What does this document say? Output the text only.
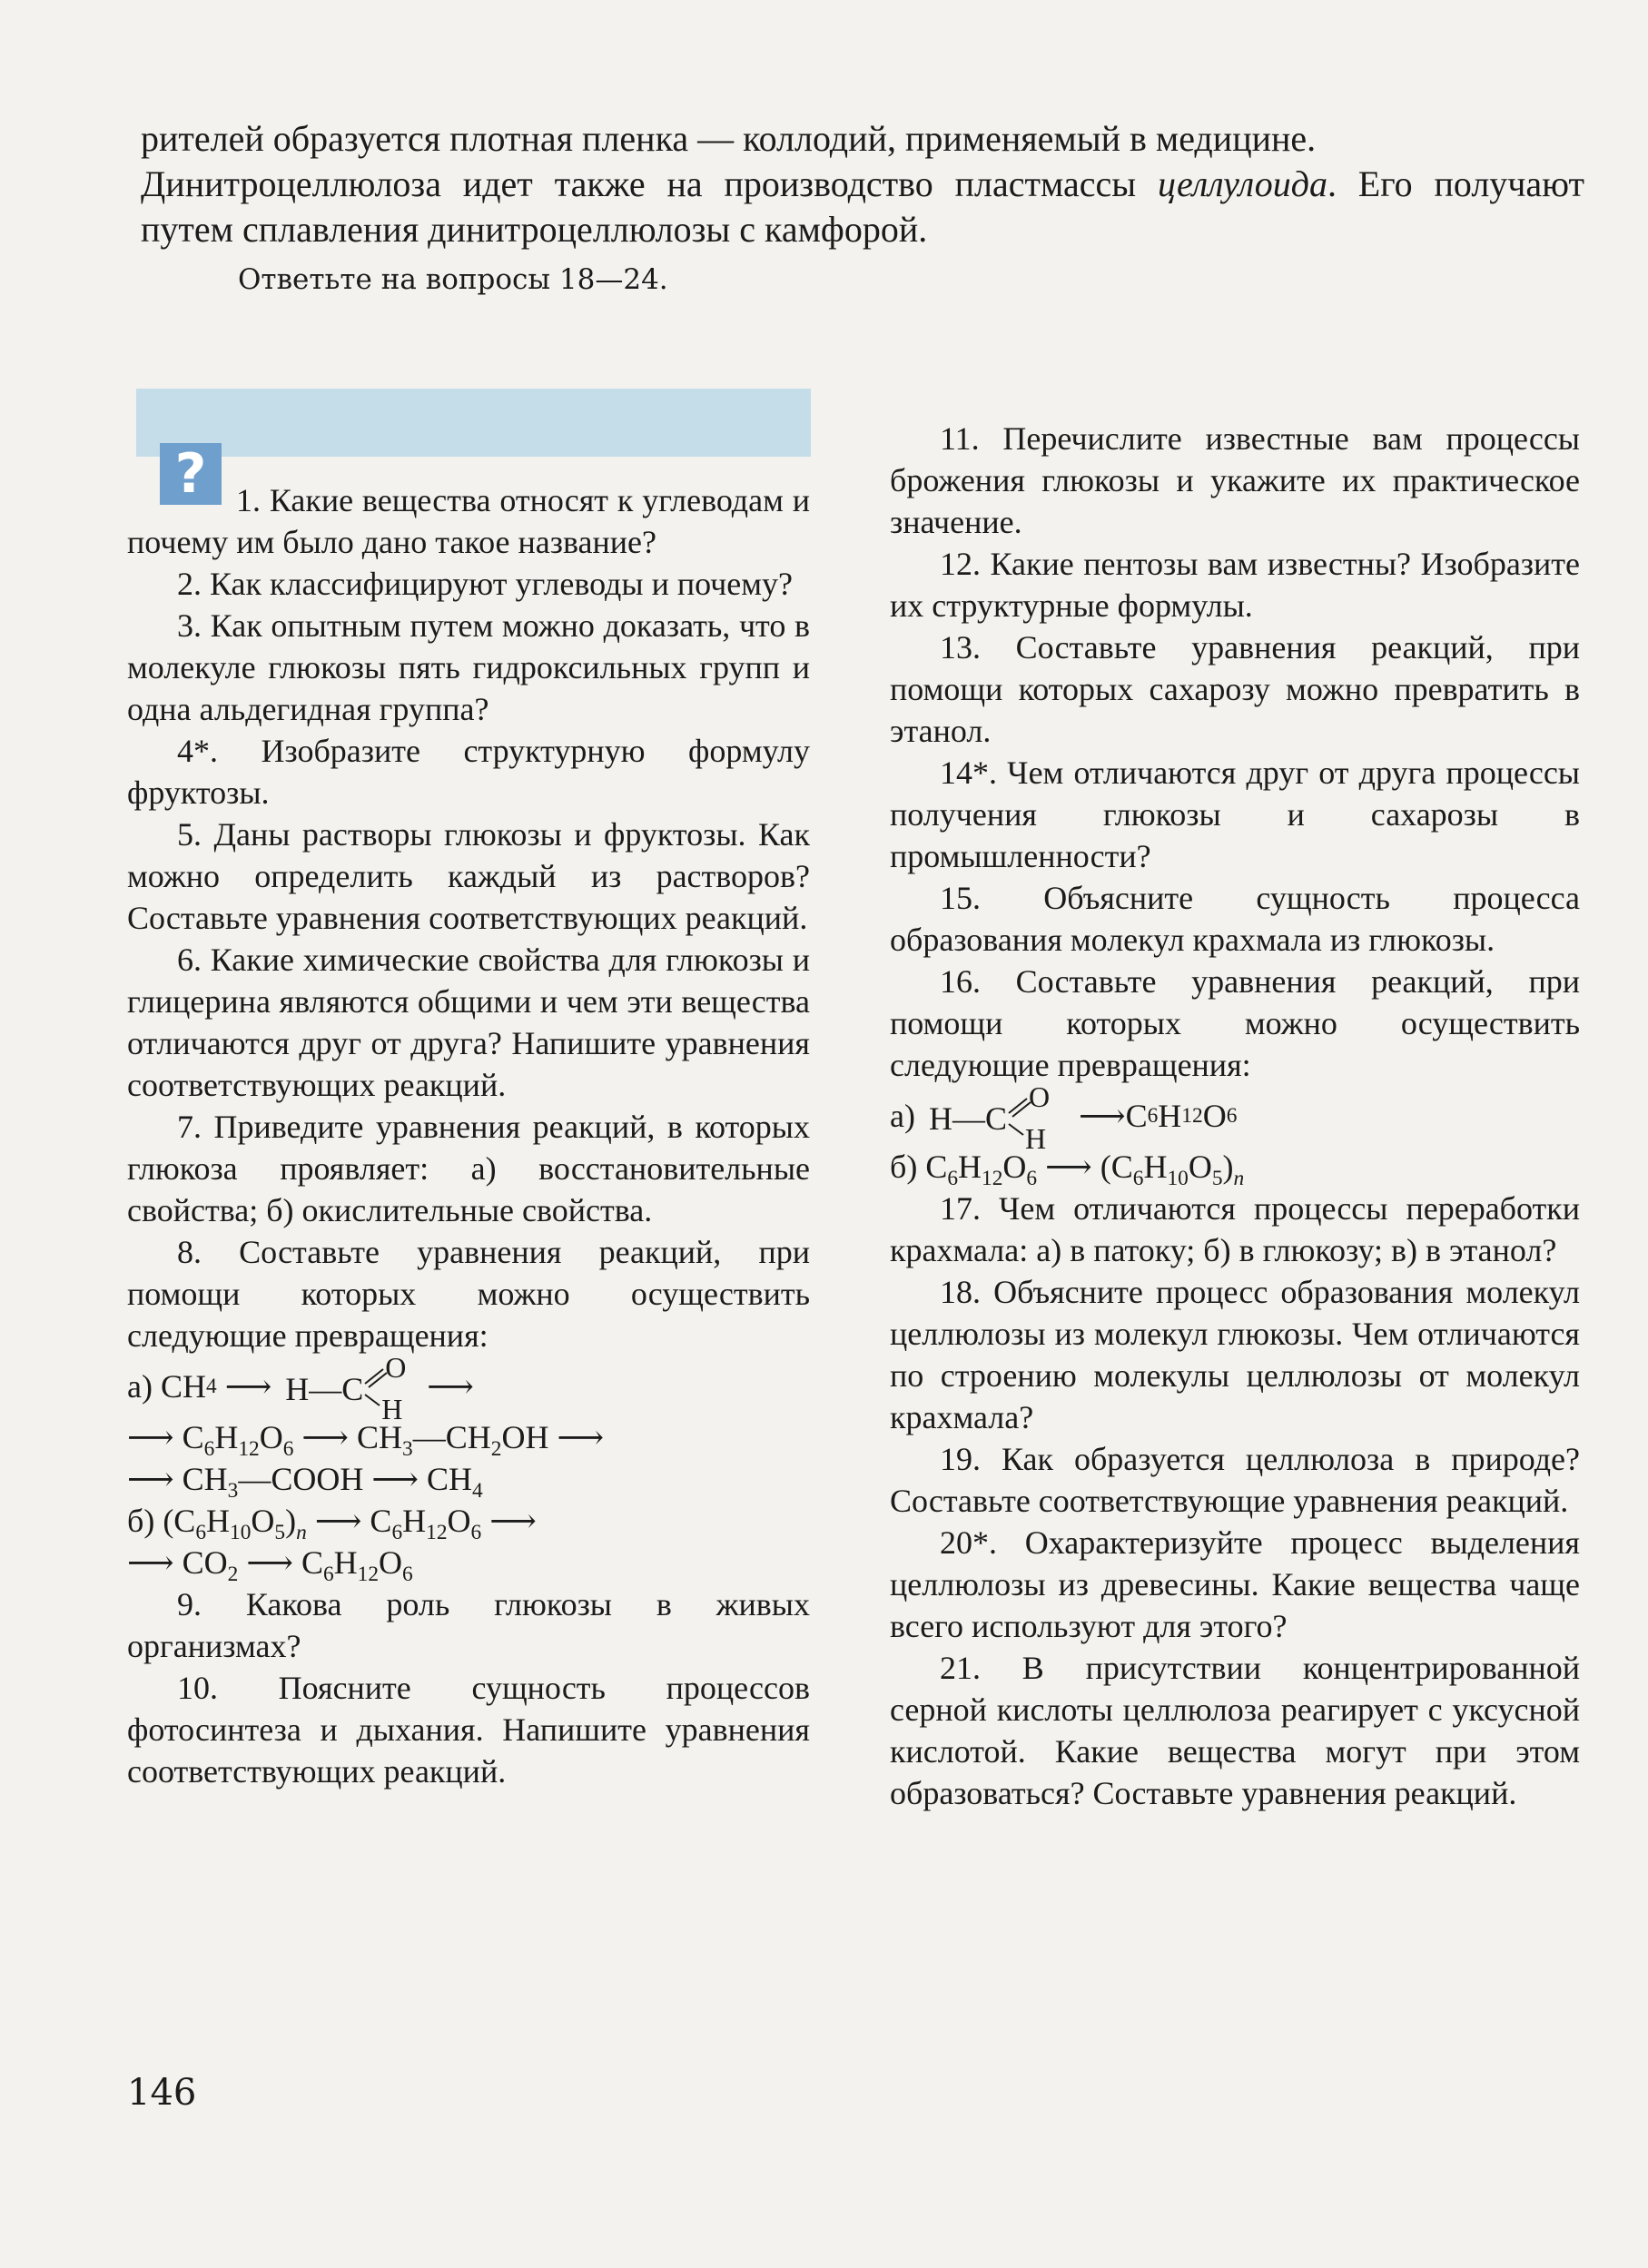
рителей образуется плотная пленка — коллодий, применяемый в медицине.

Динитроцеллюлоза идет также на производство пластмассы целлулоида. Его получают путем сплавления динитроцеллюлозы с камфорой.

Ответьте на вопросы 18—24.
? 1. Какие вещества относят к углеводам и почему им было дано такое название?

2. Как классифицируют углеводы и почему?

3. Как опытным путем можно доказать, что в молекуле глюкозы пять гидроксильных групп и одна альдегидная группа?

4*. Изобразите структурную формулу фруктозы.

5. Даны растворы глюкозы и фруктозы. Как можно определить каждый из растворов? Составьте уравнения соответствующих реакций.

6. Какие химические свойства для глюкозы и глицерина являются общими и чем эти вещества отличаются друг от друга? Напишите уравнения соответствующих реакций.

7. Приведите уравнения реакций, в которых глюкоза проявляет: а) восстановительные свойства; б) окислительные свойства.

8. Составьте уравнения реакций, при помощи которых можно осуществить следующие превращения:

а) CH 4
⟶
H — C
O
H
⟶

⟶ $C_6H_{12}O_6$ ⟶ $CH_3—CH_2OH$ ⟶

⟶ $CH_3—COOH$ ⟶ $CH_4$

б) $(C_6H_{10}O_5)_n$ ⟶ $C_6H_{12}O_6$ ⟶

⟶ $CO_2$ ⟶ $C_6H_{12}O_6$

9. Какова роль глюкозы в живых организмах?

10. Поясните сущность процессов фотосинтеза и дыхания. Напишите уравнения соответствующих реакций.

11. Перечислите известные вам процессы брожения глюкозы и укажите их практическое значение.

12. Какие пентозы вам известны? Изобразите их структурные формулы.

13. Составьте уравнения реакций, при помощи которых сахарозу можно превратить в этанол.

14*. Чем отличаются друг от друга процессы получения глюкозы и сахарозы в промышленности?

15. Объясните сущность процесса образования молекул крахмала из глюкозы.

16. Составьте уравнения реакций, при помощи которых можно осуществить следующие превращения:

а)
H — C
O
H

⟶ C 6 H 12 O 6

б) $C_6H_{12}O_6$ ⟶ $(C_6H_{10}O_5)_n$

17. Чем отличаются процессы переработки крахмала: а) в патоку; б) в глюкозу; в) в этанол?

18. Объясните процесс образования молекул целлюлозы из молекул глюкозы. Чем отличаются по строению молекулы целлюлозы от молекул крахмала?

19. Как образуется целлюлоза в природе? Составьте соответствующие уравнения реакций.

20*. Охарактеризуйте процесс выделения целлюлозы из древесины. Какие вещества чаще всего используют для этого?

21. В присутствии концентрированной серной кислоты целлюлоза реагирует с уксусной кислотой. Какие вещества могут при этом образоваться? Составьте уравнения реакций.

146
